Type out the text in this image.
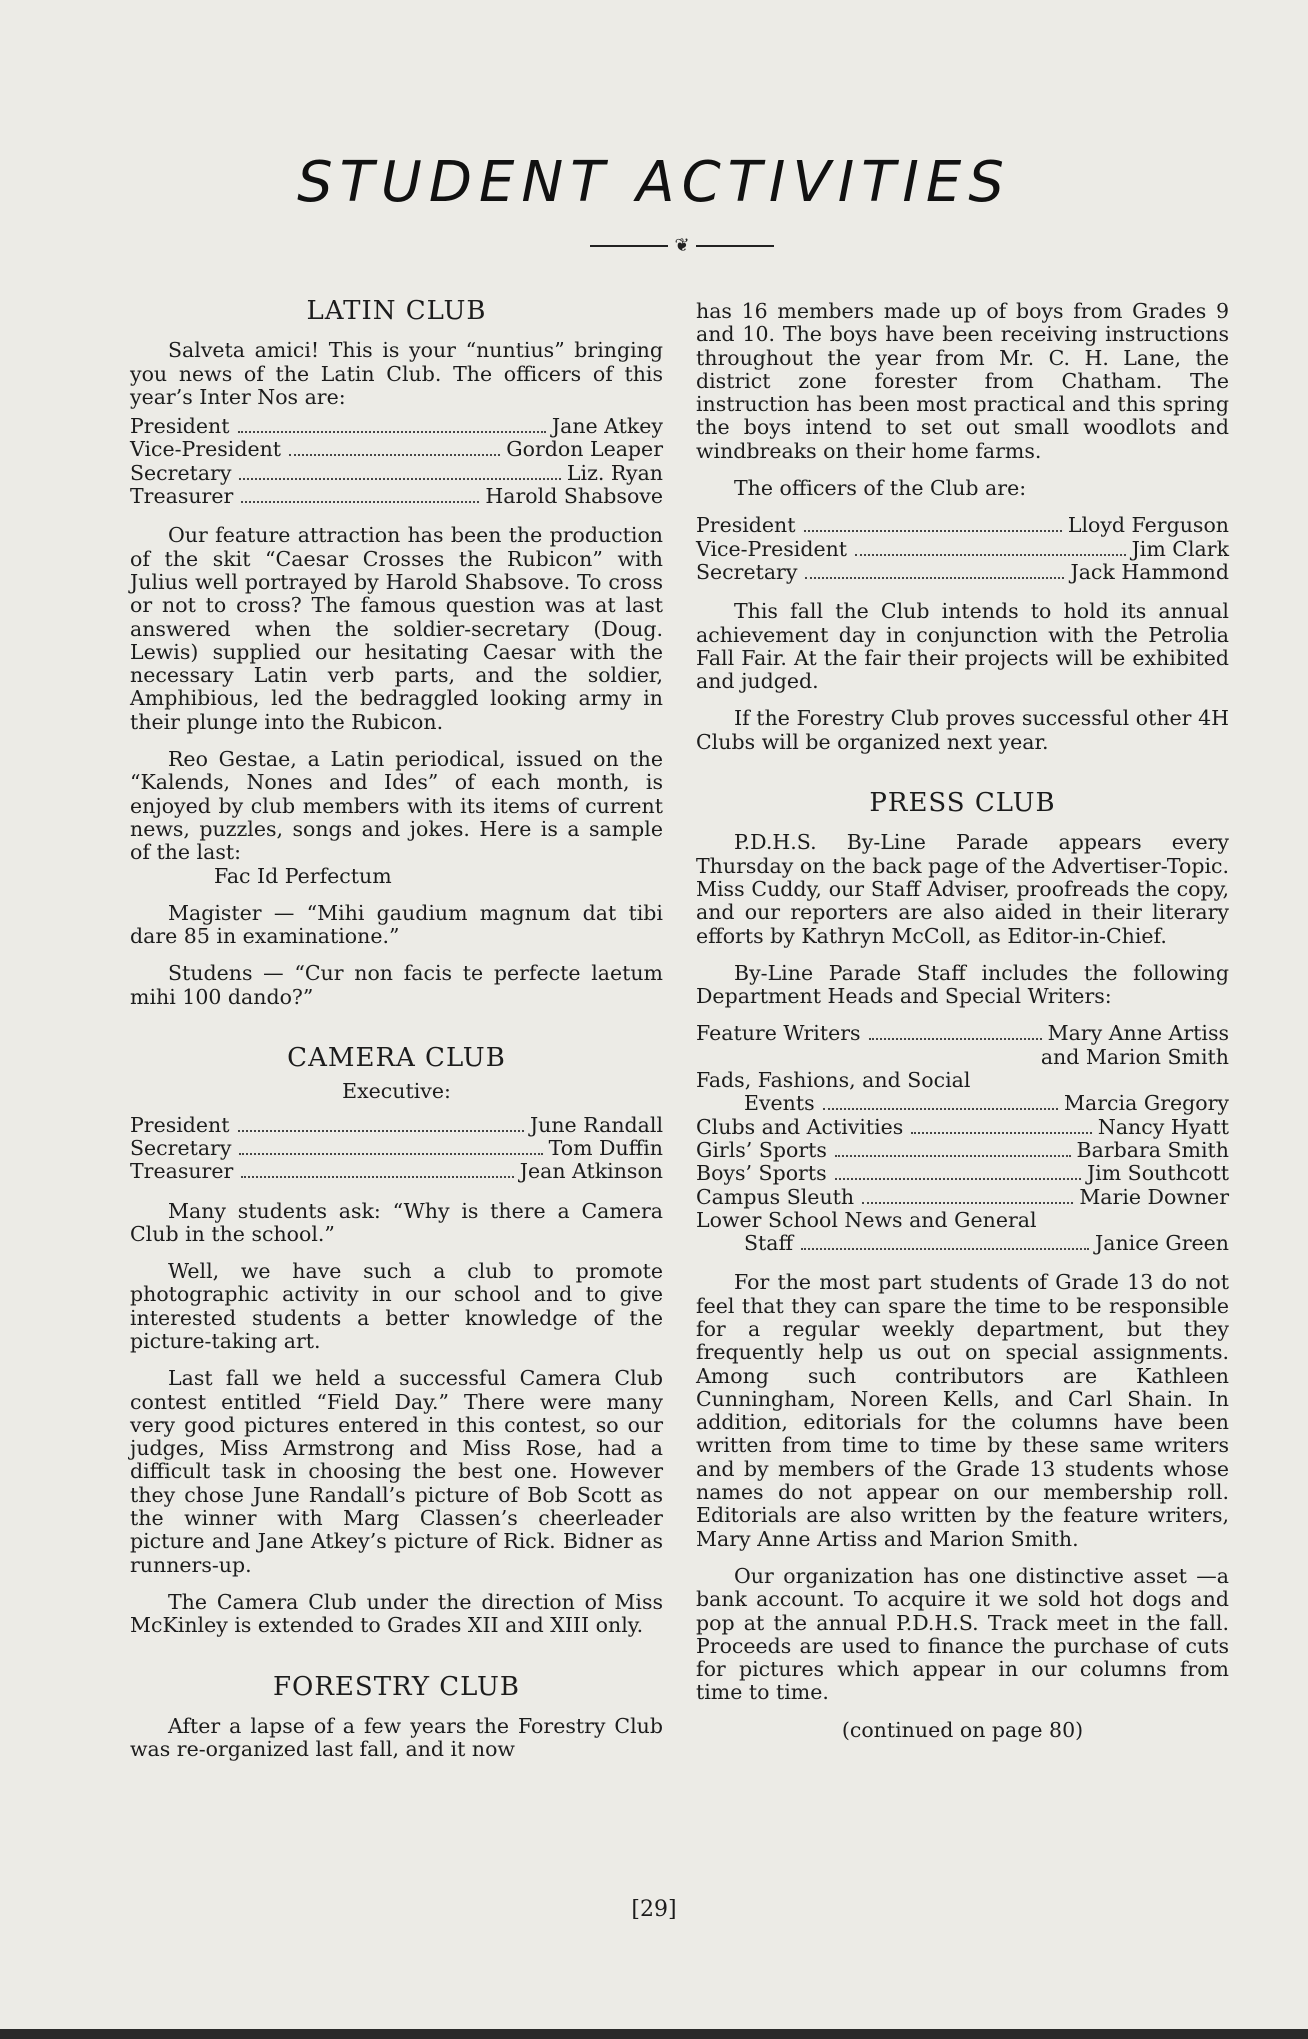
STUDENT ACTIVITIES
❦
LATIN CLUB

Salveta amici! This is your “nuntius” bringing you news of the Latin Club. The officers of this year’s Inter Nos are:

President	Jane Atkey
Vice-President	Gordon Leaper
Secretary	Liz. Ryan
Treasurer	Harold Shabsove

Our feature attraction has been the production of the skit “Caesar Crosses the Rubicon” with Julius well portrayed by Harold Shabsove. To cross or not to cross? The famous question was at last answered when the soldier-secretary (Doug. Lewis) supplied our hesitating Caesar with the necessary Latin verb parts, and the soldier, Amphibious, led the bedraggled looking army in their plunge into the Rubicon.

Reo Gestae, a Latin periodical, issued on the “Kalends, Nones and Ides” of each month, is enjoyed by club members with its items of current news, puzzles, songs and jokes. Here is a sample of the last:

Fac Id Perfectum

Magister — “Mihi gaudium magnum dat tibi dare 85 in examinatione.”

Studens — “Cur non facis te perfecte laetum mihi 100 dando?”

CAMERA CLUB

Executive:

President	June Randall
Secretary	Tom Duffin
Treasurer	Jean Atkinson

Many students ask: “Why is there a Camera Club in the school.”

Well, we have such a club to promote photographic activity in our school and to give interested students a better knowledge of the picture-taking art.

Last fall we held a successful Camera Club contest entitled “Field Day.” There were many very good pictures entered in this contest, so our judges, Miss Armstrong and Miss Rose, had a difficult task in choosing the best one. However they chose June Randall’s picture of Bob Scott as the winner with Marg Classen’s cheerleader picture and Jane Atkey’s picture of Rick. Bidner as runners-up.

The Camera Club under the direction of Miss McKinley is extended to Grades XII and XIII only.

FORESTRY CLUB

After a lapse of a few years the Forestry Club was re-organized last fall, and it now

has 16 members made up of boys from Grades 9 and 10. The boys have been receiving instructions throughout the year from Mr. C. H. Lane, the district zone forester from Chatham. The instruction has been most practical and this spring the boys intend to set out small woodlots and windbreaks on their home farms.

The officers of the Club are:

President	Lloyd Ferguson
Vice-President	Jim Clark
Secretary	Jack Hammond

This fall the Club intends to hold its annual achievement day in conjunction with the Petrolia Fall Fair. At the fair their projects will be exhibited and judged.

If the Forestry Club proves successful other 4H Clubs will be organized next year.

PRESS CLUB

P.D.H.S. By-Line Parade appears every Thursday on the back page of the Advertiser-Topic. Miss Cuddy, our Staff Adviser, proofreads the copy, and our reporters are also aided in their literary efforts by Kathryn McColl, as Editor-in-Chief.

By-Line Parade Staff includes the following Department Heads and Special Writers:

Feature Writers	Mary Anne Artiss
and Marion Smith
Fads, Fashions, and Social
Events	Marcia Gregory
Clubs and Activities	Nancy Hyatt
Girls’ Sports	Barbara Smith
Boys’ Sports	Jim Southcott
Campus Sleuth	Marie Downer
Lower School News and General
Staff	Janice Green

For the most part students of Grade 13 do not feel that they can spare the time to be responsible for a regular weekly department, but they frequently help us out on special assignments. Among such contributors are Kathleen Cunningham, Noreen Kells, and Carl Shain. In addition, editorials for the columns have been written from time to time by these same writers and by members of the Grade 13 students whose names do not appear on our membership roll. Editorials are also written by the feature writers, Mary Anne Artiss and Marion Smith.

Our organization has one distinctive asset —a bank account. To acquire it we sold hot dogs and pop at the annual P.D.H.S. Track meet in the fall. Proceeds are used to finance the purchase of cuts for pictures which appear in our columns from time to time.

(continued on page 80)

[29]
